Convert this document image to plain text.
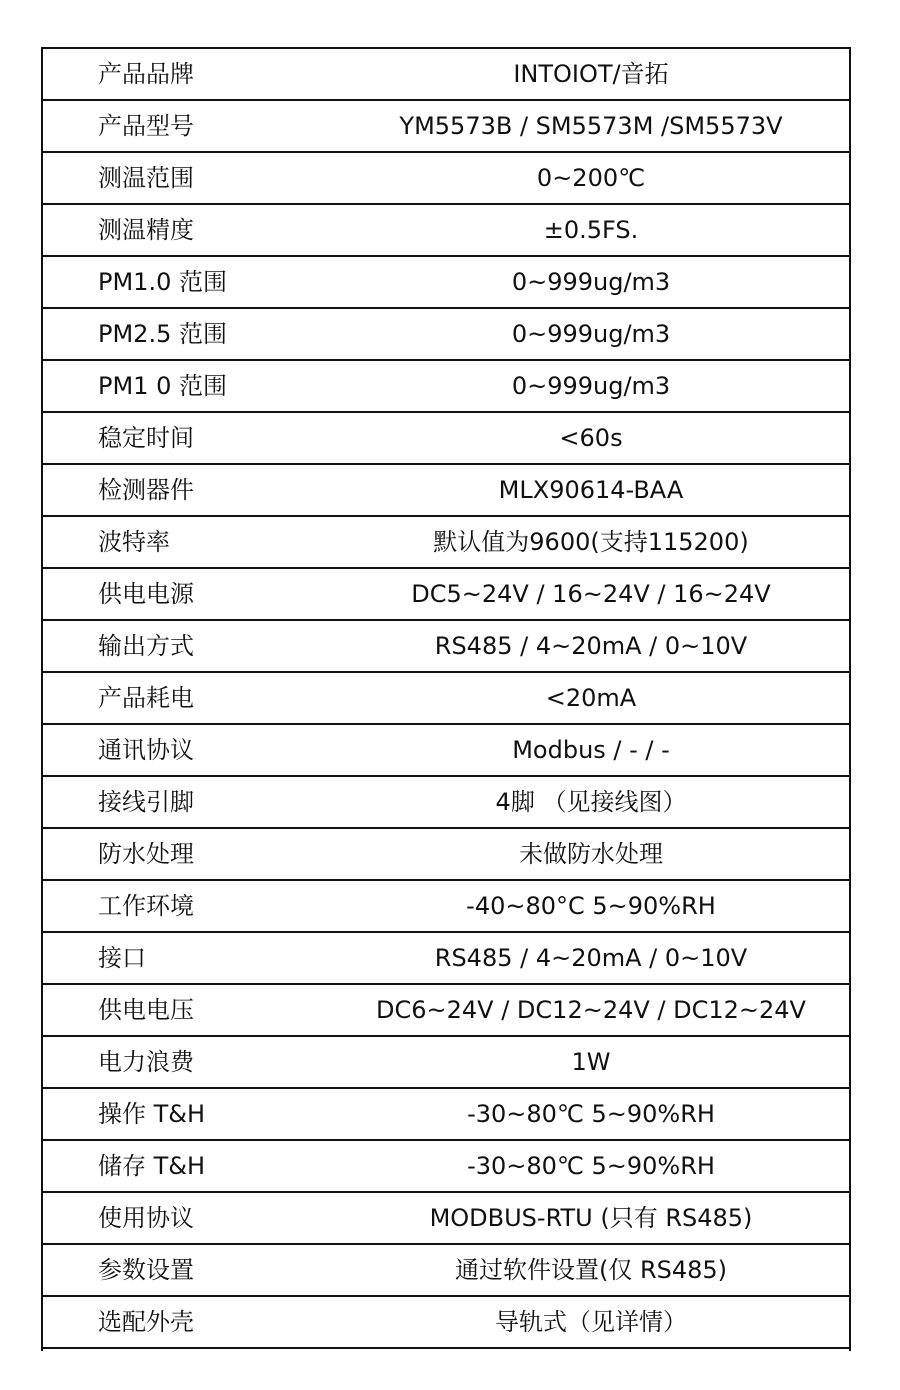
产品品牌	INTOIOT/音拓
产品型号	YM5573B / SM5573M /SM5573V
测温范围	0~200℃
测温精度	±0.5FS.
PM1.0 范围	0~999ug/m3
PM2.5 范围	0~999ug/m3
PM1 0 范围	0~999ug/m3
稳定时间	<60s
检测器件	MLX90614-BAA
波特率	默认值为9600(支持115200)
供电电源	DC5~24V / 16~24V / 16~24V
输出方式	RS485 / 4~20mA / 0~10V
产品耗电	<20mA
通讯协议	Modbus / - / -
接线引脚	4脚 （见接线图）
防水处理	未做防水处理
工作环境	-40~80°C 5~90%RH
接口	RS485 / 4~20mA / 0~10V
供电电压	DC6~24V / DC12~24V / DC12~24V
电力浪费	1W
操作 T&H	-30~80℃ 5~90%RH
储存 T&H	-30~80℃ 5~90%RH
使用协议	MODBUS-RTU (只有 RS485)
参数设置	通过软件设置(仅 RS485)
选配外壳	导轨式（见详情）
